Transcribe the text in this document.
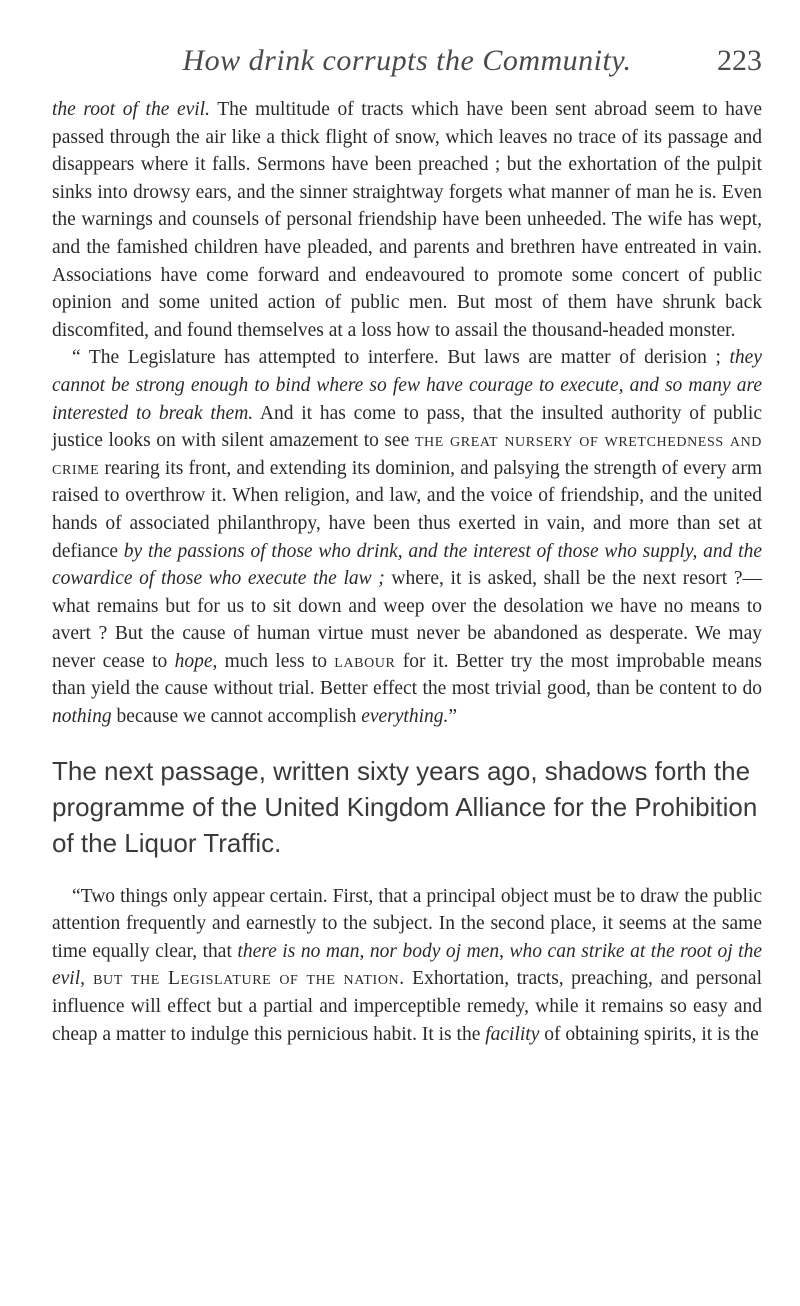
How drink corrupts the Community.	223

the root of the evil. The multitude of tracts which have been sent abroad seem to have passed through the air like a thick flight of snow, which leaves no trace of its passage and disappears where it falls. Sermons have been preached ; but the exhortation of the pulpit sinks into drowsy ears, and the sinner straightway forgets what manner of man he is. Even the warnings and counsels of personal friendship have been unheeded. The wife has wept, and the famished children have pleaded, and parents and brethren have entreated in vain. Associations have come forward and endeavoured to promote some concert of public opinion and some united action of public men. But most of them have shrunk back discomfited, and found themselves at a loss how to assail the thousand-headed monster.

“ The Legislature has attempted to interfere. But laws are matter of derision ; they cannot be strong enough to bind where so few have courage to execute, and so many are interested to break them. And it has come to pass, that the insulted authority of public justice looks on with silent amazement to see the great nursery of wretchedness and crime rearing its front, and extending its dominion, and palsying the strength of every arm raised to overthrow it. When religion, and law, and the voice of friendship, and the united hands of associated philanthropy, have been thus exerted in vain, and more than set at defiance by the passions of those who drink, and the interest of those who supply, and the cowardice of those who execute the law ; where, it is asked, shall be the next resort ?—what remains but for us to sit down and weep over the desolation we have no means to avert ? But the cause of human virtue must never be abandoned as desperate. We may never cease to hope, much less to labour for it. Better try the most improbable means than yield the cause without trial. Better effect the most trivial good, than be content to do nothing because we cannot accomplish everything.”

The next passage, written sixty years ago, shadows forth the programme of the United Kingdom Alliance for the Prohibition of the Liquor Traffic.

“Two things only appear certain. First, that a principal object must be to draw the public attention frequently and earnestly to the subject. In the second place, it seems at the same time equally clear, that there is no man, nor body oj men, who can strike at the root oj the evil, but the Legislature of the nation. Exhortation, tracts, preaching, and personal influence will effect but a partial and imperceptible remedy, while it remains so easy and cheap a matter to indulge this pernicious habit. It is the facility of obtaining spirits, it is the
